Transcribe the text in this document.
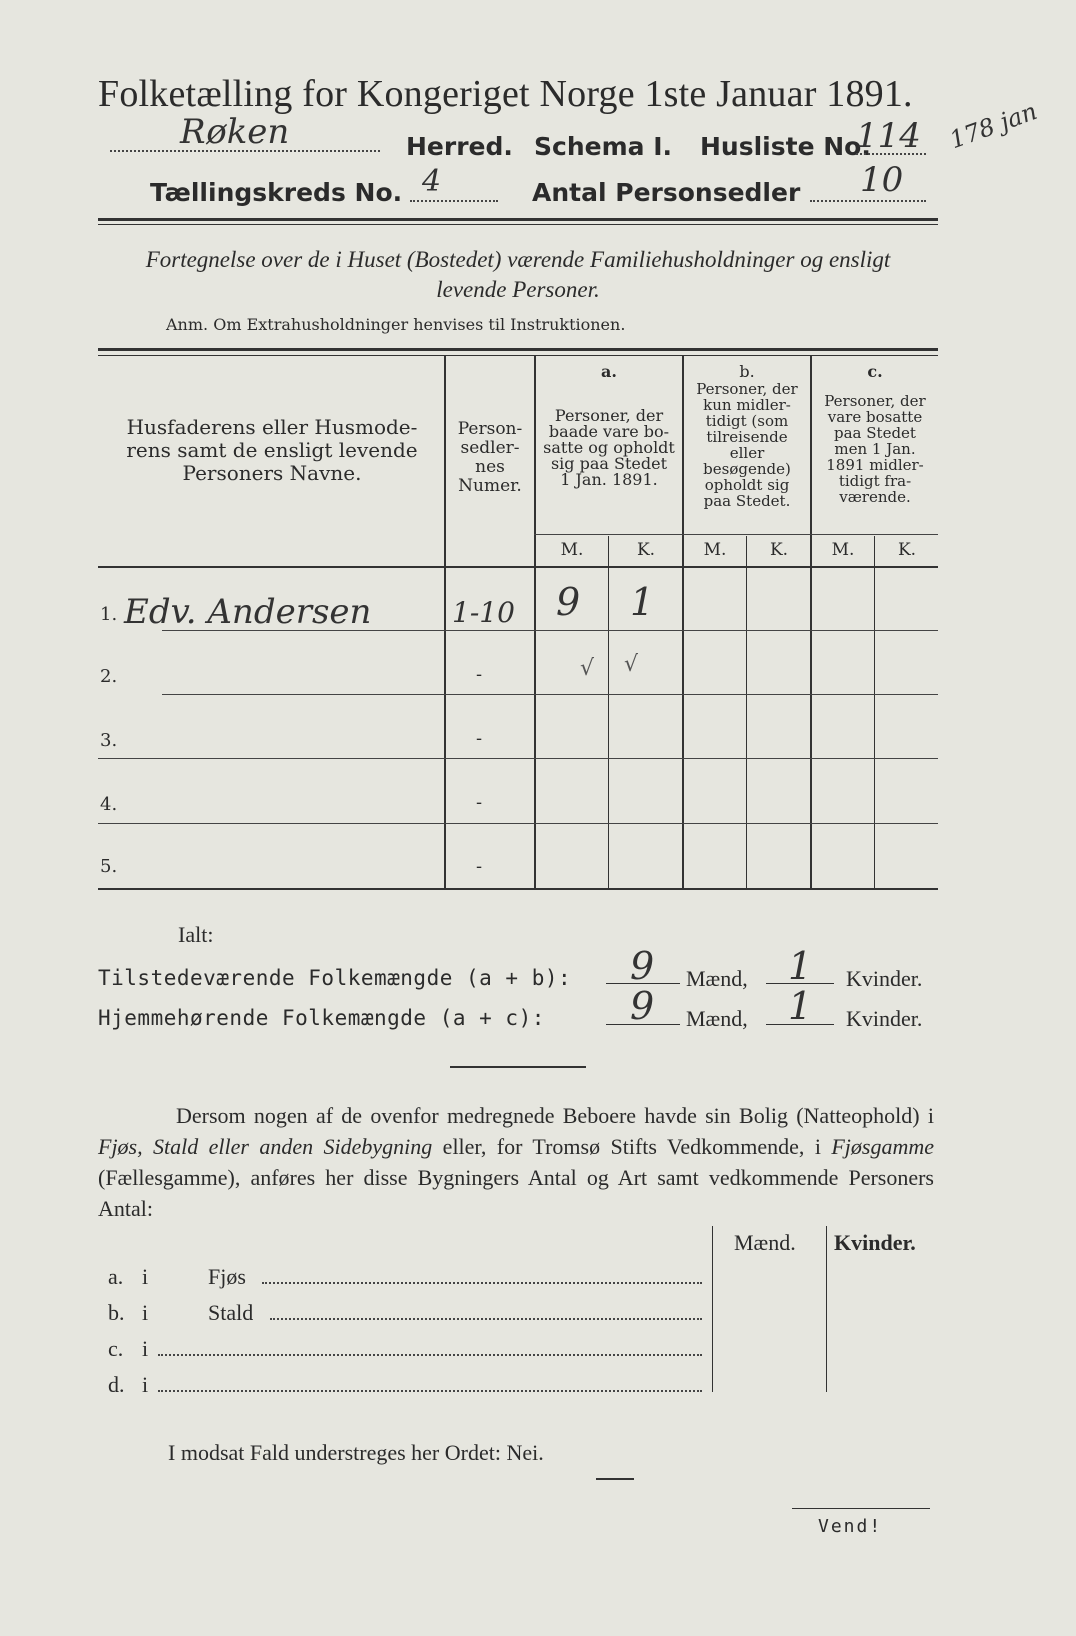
Folketælling for Kongeriget Norge 1ste Januar 1891.
Røken	Herred. Schema I. Husliste No.
114 178 jan
Tællingskreds No. 4	Antal Personsedler 10
Fortegnelse over de i Huset (Bostedet) værende Familiehusholdninger og ensligt
levende Personer.
Anm. Om Extrahusholdninger henvises til Instruktionen.
Husfaderens eller Husmode-
rens samt de ensligt levende
Personers Navne.
Person-
sedler-
nes
Numer.
a.
Personer, der
baade vare bo-
satte og opholdt
sig paa Stedet
1 Jan. 1891.
b.
Personer, der
kun midler-
tidigt (som
tilreisende
eller
besøgende)
opholdt sig
paa Stedet.
c.
Personer, der
vare bosatte
paa Stedet
men 1 Jan.
1891 midler-
tidigt fra-
værende.
M.	K.	M.	K.	M.	K.
1. Edv. Andersen	1-10 9 1
2.	-	√ √
3.	-
4.	-
5.	-
Ialt:
Tilstedeværende Folkemængde (a + b): 9 Mænd, 1 Kvinder.
Hjemmehørende Folkemængde (a + c): 9 Mænd, 1 Kvinder.
Dersom nogen af de ovenfor medregnede Beboere havde sin Bolig (Natteophold) i Fjøs, Stald eller anden Sidebygning eller, for Tromsø Stifts Vedkommende, i Fjøsgamme (Fællesgamme), anføres her disse Bygningers Antal og Art samt vedkommende Personers Antal:
Mænd. Kvinder.
a. i	Fjøs
b. i	Stald
c. i
d. i
I modsat Fald understreges her Ordet: Nei.
Vend!
